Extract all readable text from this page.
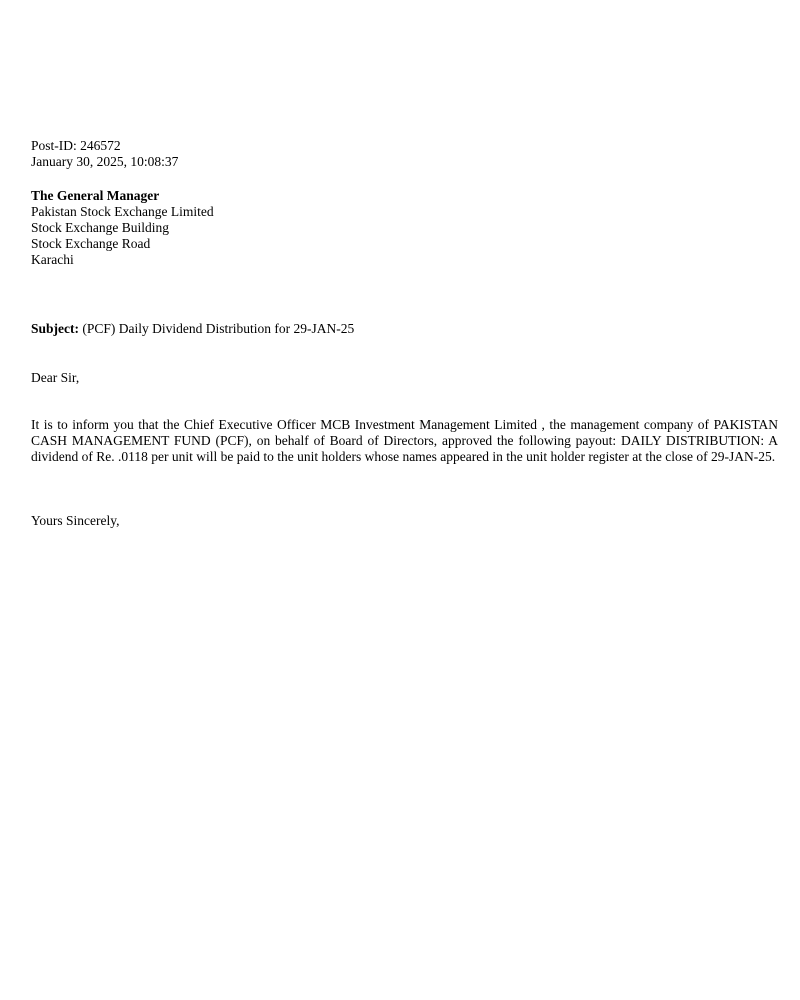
Post-ID: 246572
January 30, 2025, 10:08:37
The General Manager
Pakistan Stock Exchange Limited
Stock Exchange Building
Stock Exchange Road
Karachi
Subject: (PCF) Daily Dividend Distribution for 29-JAN-25
Dear Sir,

It is to inform you that the Chief Executive Officer MCB Investment Management Limited , the management company of PAKISTAN CASH MANAGEMENT FUND (PCF), on behalf of Board of Directors, approved the following payout: DAILY DISTRIBUTION: A dividend of Re. .0118 per unit will be paid to the unit holders whose names appeared in the unit holder register at the close of 29-JAN-25.

Yours Sincerely,
